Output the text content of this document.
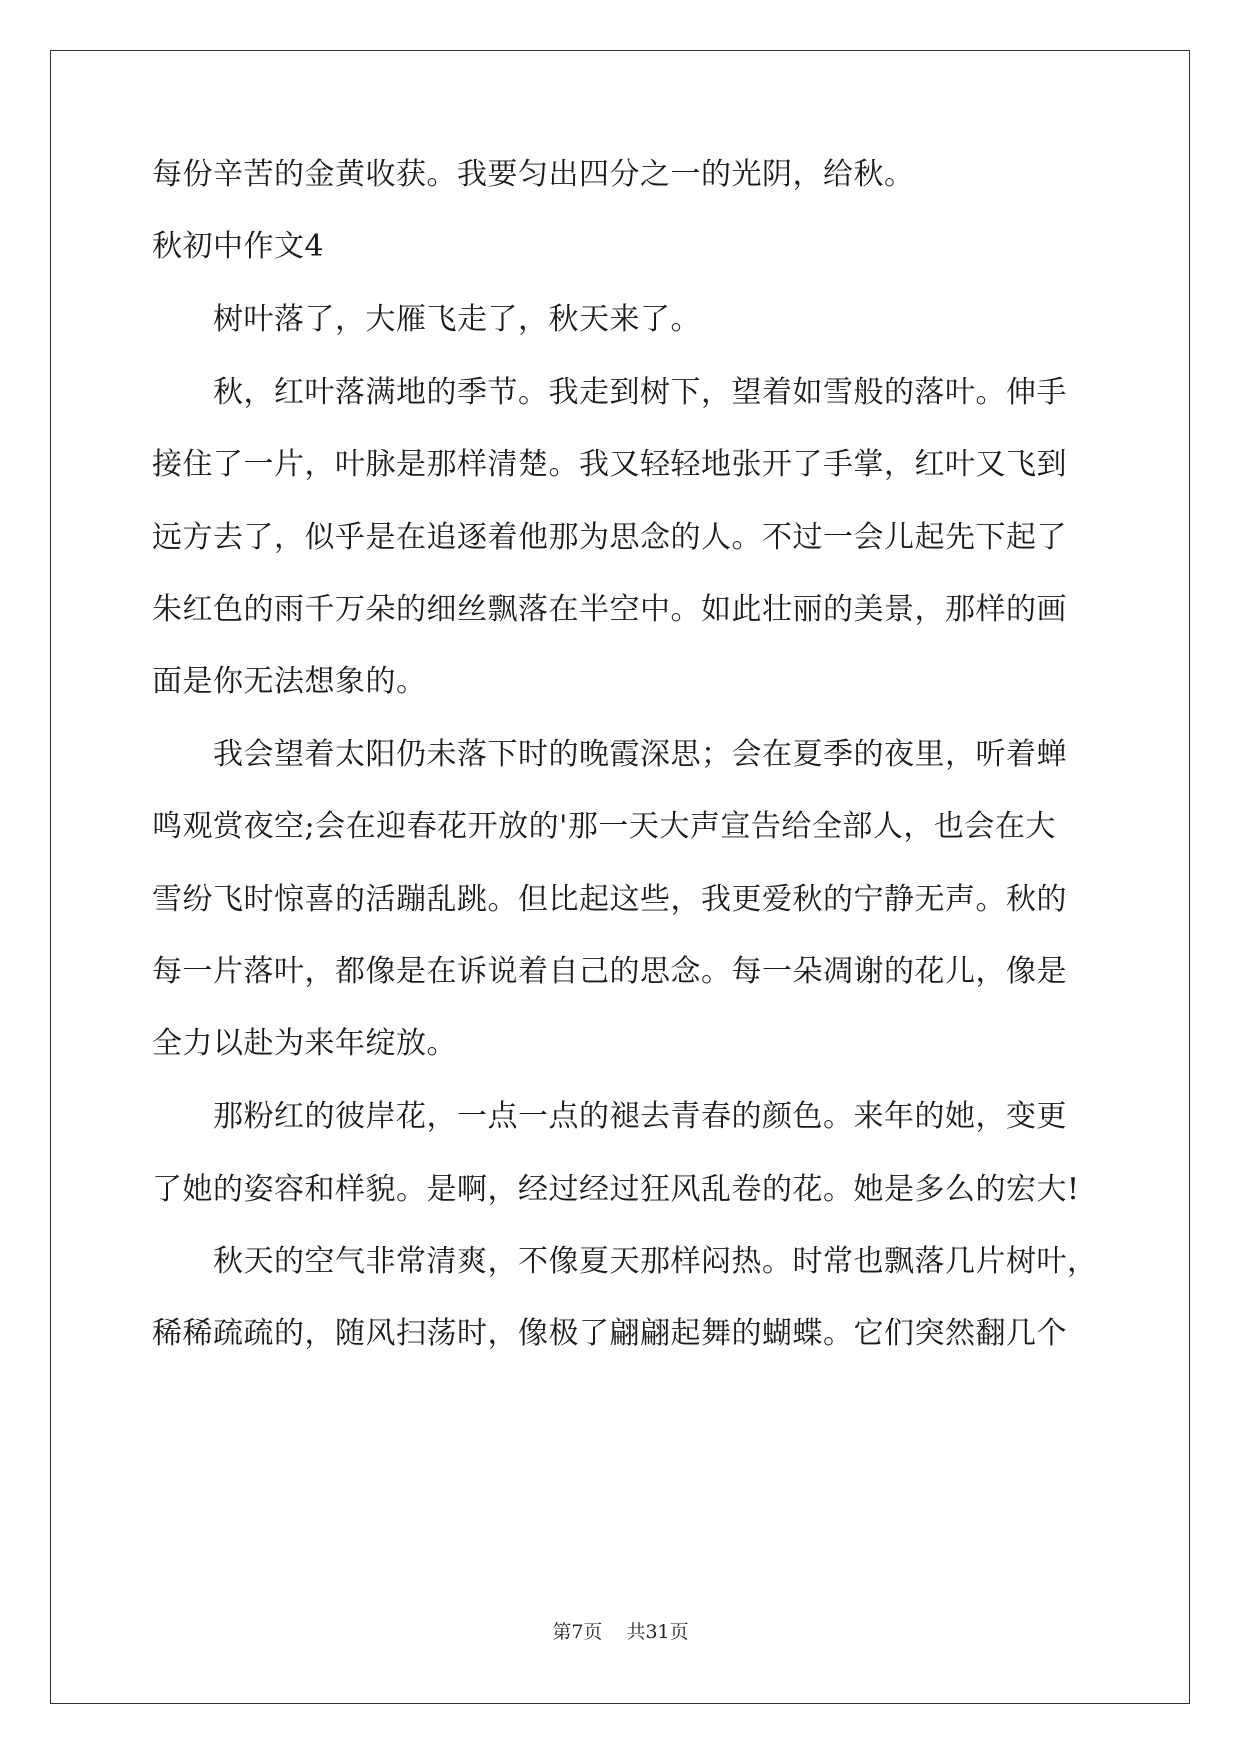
每份辛苦的金黄收获。我要匀出四分之一的光阴，给秋。
秋初中作文4
树叶落了，大雁飞走了，秋天来了。
秋，红叶落满地的季节。我走到树下，望着如雪般的落叶。伸手
接住了一片，叶脉是那样清楚。我又轻轻地张开了手掌，红叶又飞到
远方去了，似乎是在追逐着他那为思念的人。不过一会儿起先下起了
朱红色的雨千万朵的细丝飘落在半空中。如此壮丽的美景，那样的画
面是你无法想象的。
我会望着太阳仍未落下时的晚霞深思；会在夏季的夜里，听着蝉
鸣观赏夜空;会在迎春花开放的'那一天大声宣告给全部人，也会在大
雪纷飞时惊喜的活蹦乱跳。但比起这些，我更爱秋的宁静无声。秋的
每一片落叶，都像是在诉说着自己的思念。每一朵凋谢的花儿，像是
全力以赴为来年绽放。
那粉红的彼岸花，一点一点的褪去青春的颜色。来年的她，变更
了她的姿容和样貌。是啊，经过经过狂风乱卷的花。她是多么的宏大!
秋天的空气非常清爽，不像夏天那样闷热。时常也飘落几片树叶，
稀稀疏疏的，随风扫荡时，像极了翩翩起舞的蝴蝶。它们突然翻几个
第7页 共31页
